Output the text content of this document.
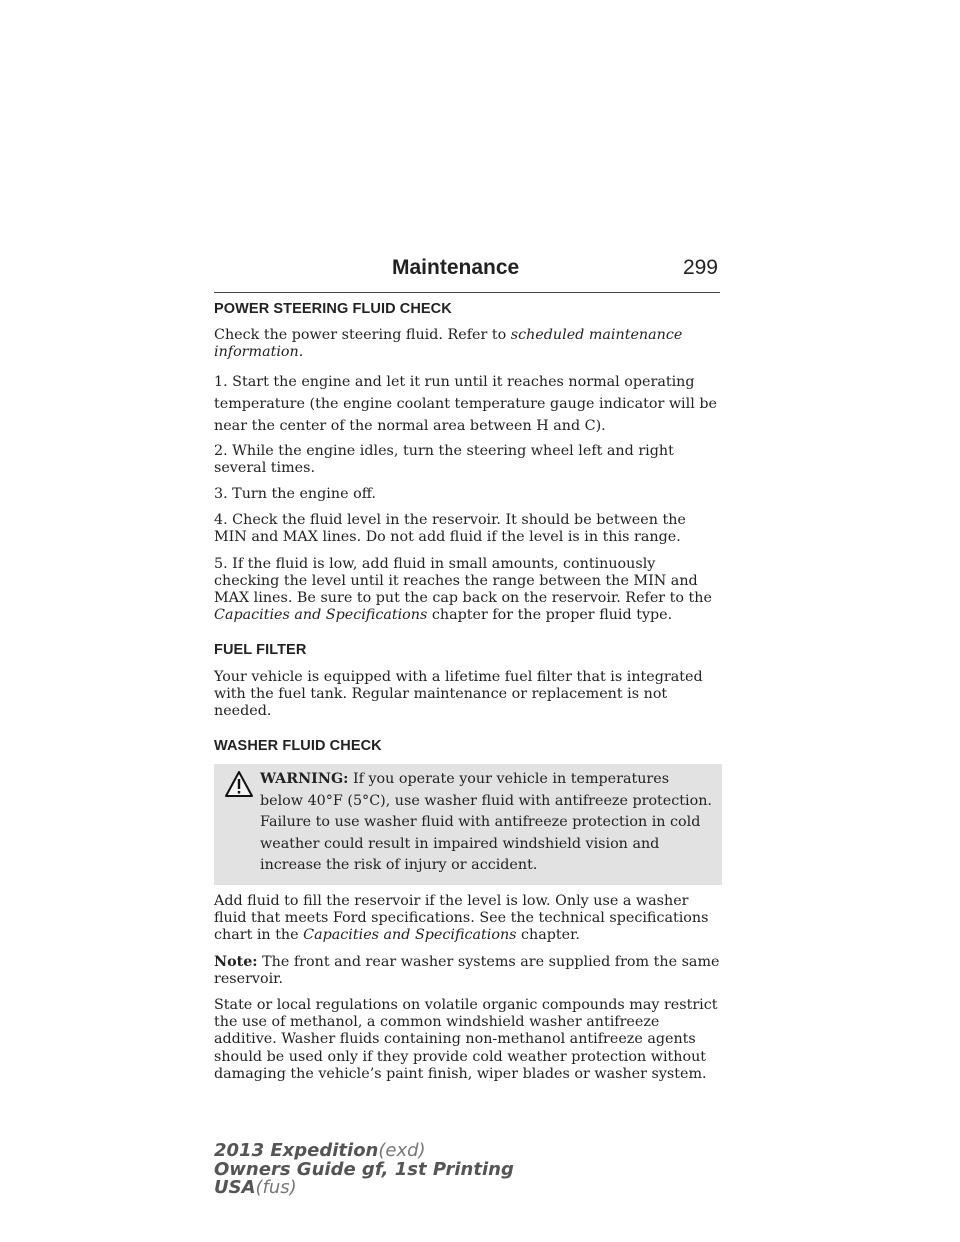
Maintenance	299
POWER STEERING FLUID CHECK

Check the power steering fluid. Refer to scheduled maintenance information.

1. Start the engine and let it run until it reaches normal operating temperature (the engine coolant temperature gauge indicator will be near the center of the normal area between H and C).

2. While the engine idles, turn the steering wheel left and right several times.

3. Turn the engine off.

4. Check the fluid level in the reservoir. It should be between the MIN and MAX lines. Do not add fluid if the level is in this range.

5. If the fluid is low, add fluid in small amounts, continuously checking the level until it reaches the range between the MIN and MAX lines. Be sure to put the cap back on the reservoir. Refer to the Capacities and Specifications chapter for the proper fluid type.

FUEL FILTER

Your vehicle is equipped with a lifetime fuel filter that is integrated with the fuel tank. Regular maintenance or replacement is not needed.

WASHER FLUID CHECK
WARNING: If you operate your vehicle in temperatures below 40°F (5°C), use washer fluid with antifreeze protection. Failure to use washer fluid with antifreeze protection in cold weather could result in impaired windshield vision and increase the risk of injury or accident.

Add fluid to fill the reservoir if the level is low. Only use a washer fluid that meets Ford specifications. See the technical specifications chart in the Capacities and Specifications chapter.

Note: The front and rear washer systems are supplied from the same reservoir.

State or local regulations on volatile organic compounds may restrict the use of methanol, a common windshield washer antifreeze additive. Washer fluids containing non-methanol antifreeze agents should be used only if they provide cold weather protection without damaging the vehicle’s paint finish, wiper blades or washer system.

2013 Expedition(exd)
Owners Guide gf, 1st Printing
USA(fus)
